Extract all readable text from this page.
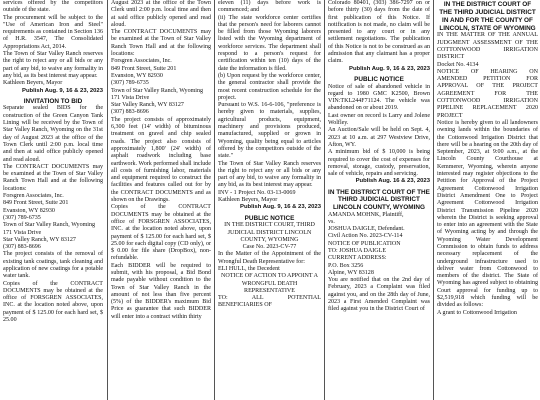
services offered by the competitors outside of the state.

The procurement will be subject to the "Use of American Iron and Steel" requirements as contained in Section 136 of H.R. 3547, The Consolidated Appropriations Act, 2014.

The Town of Star Valley Ranch reserves the right to reject any or all bids or any part of any bid, to waive any formality in any bid, as its best interest may appear.

Kathleen Beyers, Mayor

Publish Aug. 9, 16 & 23, 2023

INVITATION TO BID

Separate sealed BIDS for the construction of the Green Canyon Tank Lining will be received by the Town of Star Valley Ranch, Wyoming on the 31st day of August 2023 at the office of the Town Clerk until 2:00 p.m. local time and then at said office publicly opened and read aloud.

The CONTRACT DOCUMENTS may be examined at the Town of Star Valley Ranch Town Hall and at the following locations:

Forsgren Associates, Inc.

849 Front Street, Suite 201

Evanston, WY 82930

(307) 789-6735

Town of Star Valley Ranch, Wyoming

171 Vista Drive

Star Valley Ranch, WY 83127

(307) 883-8696

The project consists of the removal of existing tank coatings, tank cleaning and application of new coatings for a potable water tank.

Copies of the CONTRACT DOCUMENTS may be obtained at the office of FORSGREN ASSOCIATES, INC. at the location noted above, upon payment of $ 125.00 for each hard set, $ 25.00

August 2023 at the office of the Town Clerk until 2:00 p.m. local time and then at said office publicly opened and read aloud.

The CONTRACT DOCUMENTS may be examined at the Town of Star Valley Ranch Town Hall and at the following locations:

Forsgren Associates, Inc.

849 Front Street, Suite 201

Evanston, WY 82930

(307) 789-6735

Town of Star Valley Ranch, Wyoming

171 Vista Drive

Star Valley Ranch, WY 83127

(307) 883-8696

The project consists of approximately 6,300 feet (14' width) of bituminous treatment on gravel and chip sealed roads. The project also consists of approximately 1,800' (24' width) of asphalt roadwork including base earthwork. Work performed shall include all costs of furnishing labor, materials and equipment required to construct the facilities and features called out for by the CONTRACT DOCUMENTS and as shown on the Drawings.

Copies of the CONTRACT DOCUMENTS may be obtained at the office of FORSGREN ASSOCIATES, INC. at the location noted above, upon payment of $ 125.00 for each hard set, $ 25.00 for each digital copy (CD only), or $ 0.00 for file share (DropBox), non-refundable.

Each BIDDER will be required to submit, with his proposal, a Bid Bond made payable without condition to the Town of Star Valley Ranch in the amount of not less than five percent (5%) of the BIDDER's maximum Bid Price as guarantee that such BIDDER will enter into a contract within thirty

eleven (11) days before work is commenced; and

(ii) The state workforce center certifies that the person's need for laborers cannot be filled from those Wyoming laborers listed with the Wyoming department of workforce services. The department shall respond to a person's request for certification within ten (10) days of the date the information is filed.

(b) Upon request by the workforce center, the general contractor shall provide the most recent construction schedule for the project.

Pursuant to W.S. 16-6-106, "preference is hereby given to materials, supplies, agricultural products, equipment, machinery and provisions produced, manufactured, supplied or grown in Wyoming, quality being equal to articles offered by the competitors outside of the state."

The Town of Star Valley Ranch reserves the right to reject any or all bids or any part of any bid, to waive any formality in any bid, as its best interest may appear.

INV - 1 Project No. 03-13-0069

Kathleen Beyers, Mayor

Publish Aug. 9, 16 & 23, 2023

PUBLIC NOTICE

IN THE DISTRICT COURT, THIRD JUDICIAL DISTRICT LINCOLN COUNTY, WYOMING

Case No. 2023-CV-77

In the Matter of the Appointment of the Wrongful Death Representative for:

ELI HULL, the Decedent

NOTICE OF ACTION TO APPOINT A WRONGFUL DEATH REPRESENTATIVE

TO: ALL POTENTIAL BENEFICIARIES OF

Colorado 80401, (303) 386-7297 on or before thirty (30) days from the date of first publication of this Notice. If notification is not made, no claim will be presented to any court or in any settlement negotiations. The publication of this Notice is not to be construed as an admission that any claimant has a proper claim.

Publish Aug. 9, 16 & 23, 2023

PUBLIC NOTICE

Notice of sale of abandoned vehicle in regard to 1980 GMC K2500, Brown VIN:TKL244F71124. The vehicle was abandoned on or about 2019.

Last owner on record is Larry and Jolene Wolfley.

An Auction/Sale will be held on Sept. 4, 2023 at 10 a.m. at 297 Westview Drive, Afton, WY.

A minimum bid of $ 10,000 is being required to cover the cost of expenses for removal, storage, custody, preservation, sale of vehicle, repairs and servicing.

Publish Aug. 16 & 23, 2023

IN THE DISTRICT COURT OF THE THIRD JUDICIAL DISTRICT LINCOLN COUNTY, WYOMING

AMANDA MOHNK, Plaintiff,

vs.

JOSHUA DAIGLE, Defendant.

Civil Action No. 2023-CV-114

NOTICE OF PUBLICATION

TO: JOSHUA DAIGLE

CURRENT ADDRESS:

P.O. Box 3256

Alpine, WY 83128

You are notified that on the 2nd day of February, 2023 a Complaint was filed against you, and on the 28th day of June, 2023 a First Amended Complaint was filed against you in the District Court of

IN THE DISTRICT COURT OF THE THIRD JUDICIAL DISTRICT

IN AND FOR THE COUNTY OF LINCOLN, STATE OF WYOMING

IN THE MATTER OF THE ANNUAL JUDGMENT ASSESSMENT OF THE COTTONWOOD IRRIGATION DISTRICT

Docket No. 4134

NOTICE OF HEARING ON AMENDED PETITION FOR APPROVAL OF THE PROJECT AGREEMENT FOR THE COTTONWOOD IRRIGATION PIPELINE REPLACEMENT 2020 PROJECT

Notice is hereby given to all landowners owning lands within the boundaries of the Cottonwood Irrigation District that there will be a hearing on the 20th day of September, 2023, at 9:00 a.m., at the Lincoln County Courthouse at Kemmerer, Wyoming, wherein anyone interested may register objections to the Petition for Approval of the Project Agreement Cottonwood Irrigation District Amendment One to Project Agreement Cottonwood Irrigation District Transmission Pipeline 2020 wherein the District is seeking approval to enter into an agreement with the State of Wyoming acting by and through the Wyoming Water Development Commission to obtain funds to address necessary replacement of the underground infrastructure used to deliver water from Cottonwood to members of the district. The State of Wyoming has agreed subject to obtaining Court approval for funding up to $2,519,918 which funding will be divided as follows:

A grant to Cottonwood Irrigation
